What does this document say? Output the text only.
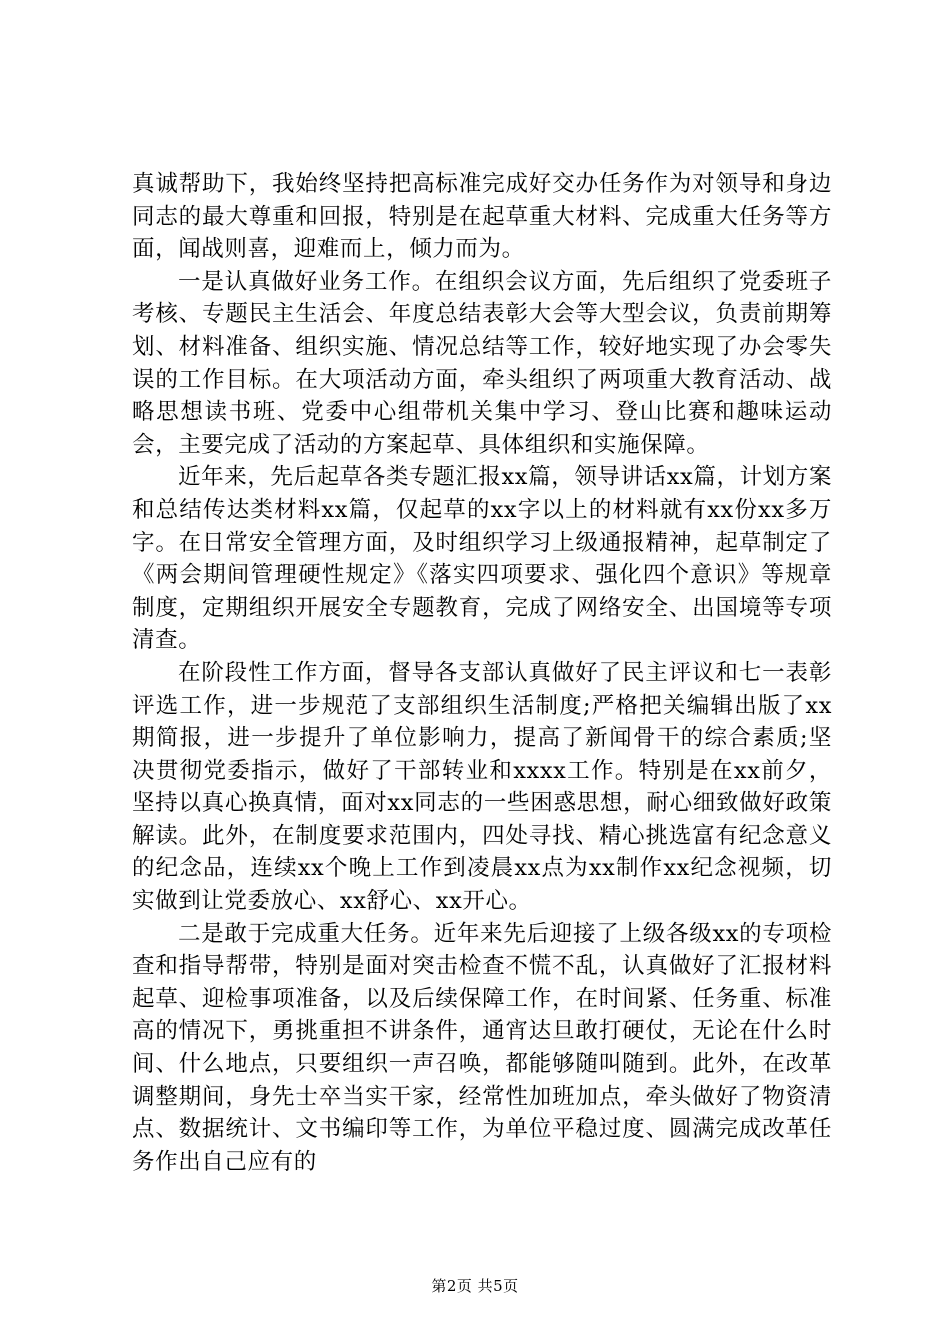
真诚帮助下，我始终坚持把高标准完成好交办任务作为对领导和身边同志的最大尊重和回报，特别是在起草重大材料、完成重大任务等方面，闻战则喜，迎难而上，倾力而为。

一是认真做好业务工作。在组织会议方面，先后组织了党委班子考核、专题民主生活会、年度总结表彰大会等大型会议，负责前期筹划、材料准备、组织实施、情况总结等工作，较好地实现了办会零失误的工作目标。在大项活动方面，牵头组织了两项重大教育活动、战略思想读书班、党委中心组带机关集中学习、登山比赛和趣味运动会，主要完成了活动的方案起草、具体组织和实施保障。

近年来，先后起草各类专题汇报xx篇，领导讲话xx篇，计划方案和总结传达类材料xx篇，仅起草的xx字以上的材料就有xx份xx多万字。在日常安全管理方面，及时组织学习上级通报精神，起草制定了《两会期间管理硬性规定》《落实四项要求、强化四个意识》等规章制度，定期组织开展安全专题教育，完成了网络安全、出国境等专项清查。

在阶段性工作方面，督导各支部认真做好了民主评议和七一表彰评选工作，进一步规范了支部组织生活制度;严格把关编辑出版了xx期简报，进一步提升了单位影响力，提高了新闻骨干的综合素质;坚决贯彻党委指示，做好了干部转业和xxxx工作。特别是在xx前夕，坚持以真心换真情，面对xx同志的一些困惑思想，耐心细致做好政策解读。此外，在制度要求范围内，四处寻找、精心挑选富有纪念意义的纪念品，连续xx个晚上工作到凌晨xx点为xx制作xx纪念视频，切实做到让党委放心、xx舒心、xx开心。

二是敢于完成重大任务。近年来先后迎接了上级各级xx的专项检查和指导帮带，特别是面对突击检查不慌不乱，认真做好了汇报材料起草、迎检事项准备，以及后续保障工作，在时间紧、任务重、标准高的情况下，勇挑重担不讲条件，通宵达旦敢打硬仗，无论在什么时间、什么地点，只要组织一声召唤，都能够随叫随到。此外，在改革调整期间，身先士卒当实干家，经常性加班加点，牵头做好了物资清点、数据统计、文书编印等工作，为单位平稳过度、圆满完成改革任务作出自己应有的

第2页 共5页
